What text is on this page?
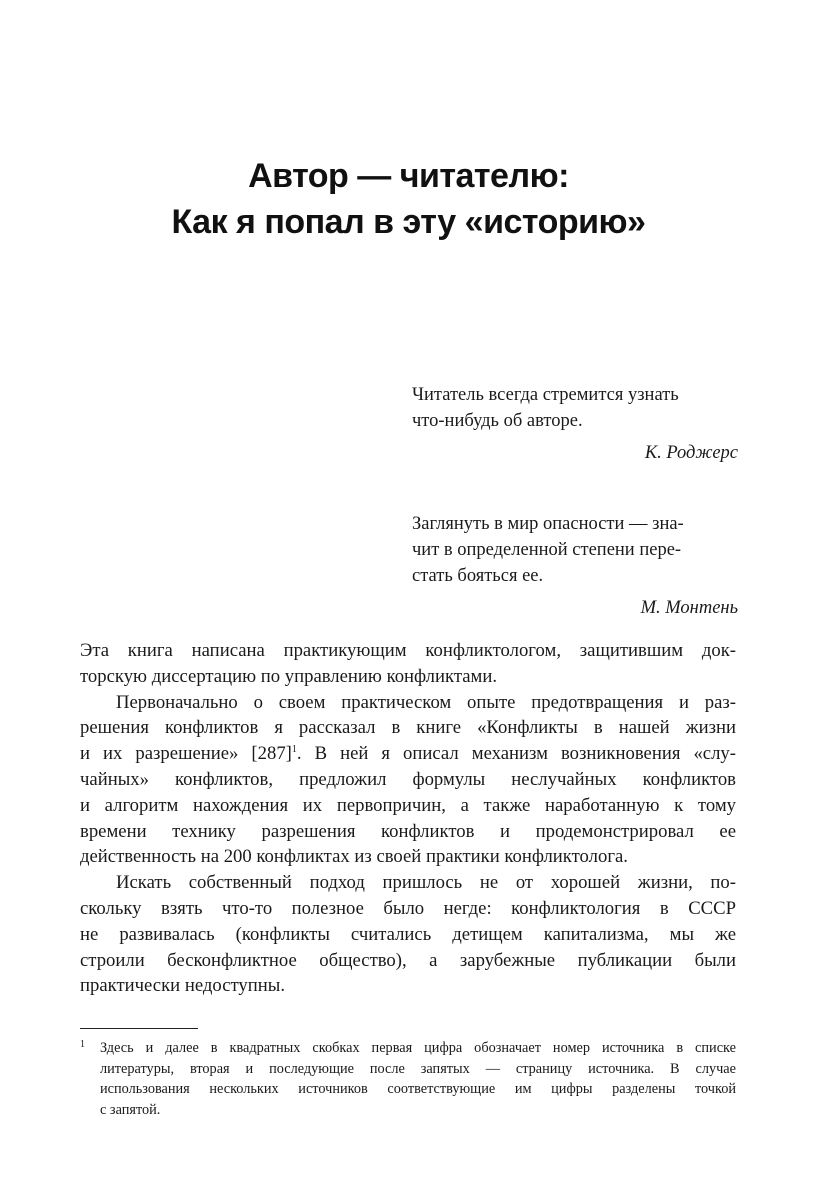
Автор — читателю:
Как я попал в эту «историю»
Читатель всегда стремится узнать
что-нибудь об авторе.
К. Роджерс
Заглянуть в мир опасности — зна-
чит в определенной степени пере-
стать бояться ее.
М. Монтень
Эта книга написана практикующим конфликтологом, защитившим док-
торскую диссертацию по управлению конфликтами.
Первоначально о своем практическом опыте предотвращения и раз-
решения конфликтов я рассказал в книге «Конфликты в нашей жизни
и их разрешение» $[287]^1$. В ней я описал механизм возникновения «слу-
чайных» конфликтов, предложил формулы неслучайных конфликтов
и алгоритм нахождения их первопричин, а также наработанную к тому
времени технику разрешения конфликтов и продемонстрировал ее
действенность на 200 конфликтах из своей практики конфликтолога.
Искать собственный подход пришлось не от хорошей жизни, по-
скольку взять что-то полезное было негде: конфликтология в СССР
не развивалась (конфликты считались детищем капитализма, мы же
строили бесконфликтное общество), а зарубежные публикации были
практически недоступны.
1 Здесь и далее в квадратных скобках первая цифра обозначает номер источника в списке
литературы, вторая и последующие после запятых — страницу источника. В случае
использования нескольких источников соответствующие им цифры разделены точкой
с запятой.
